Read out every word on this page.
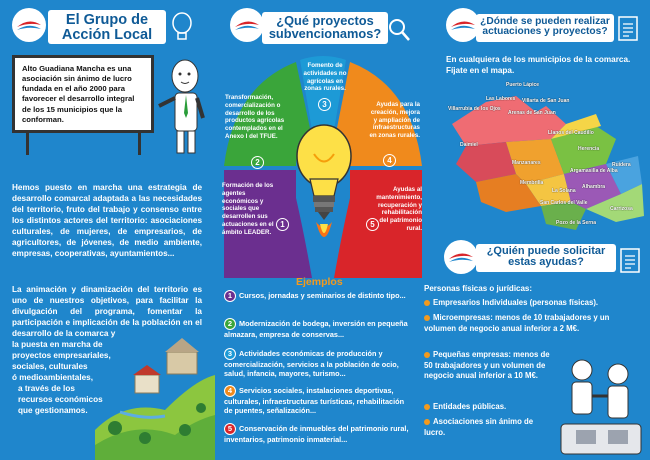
El Grupo de
Acción Local
Alto Guadiana Mancha es una asociación sin ánimo de lucro fundada en el año 2000 para favorecer el desarrollo integral de los 15 municipios que la conforman.
Hemos puesto en marcha una estrategia de desarrollo comarcal adaptada a las necesidades del territorio, fruto del trabajo y consenso entre los distintos actores del territorio: asociaciones culturales, de mujeres, de empresarios, de agricultores, de jóvenes, de medio ambiente, empresas, cooperativas, ayuntamientos...
La animación y dinamización del territorio es uno de nuestros objetivos, para facilitar la divulgación del programa, fomentar la participación e implicación de la población en el desarrollo de la comarca y
la puesta en marcha de
proyectos empresariales,
sociales, culturales
ó medioambientales,
a través de los
recursos económicos
que gestionamos.
¿Qué proyectos
subvencionamos?
Formación de los agentes económicos y sociales que desarrollen sus actuaciones en el ámbito LEADER.
1
Transformación, comercialización o desarrollo de los productos agrícolas contemplados en el Anexo I del TFUE.
2
Fomento de actividades no agrícolas en zonas rurales.
3	Ayudas para la creación, mejora y ampliación de infraestructuras en zonas rurales.
4
Ayudas al mantenimiento, recuperación y rehabilitación del patrimonio rural.
5
Ejemplos
1 Cursos, jornadas y seminarios de distinto tipo...
2 Modernización de bodega, inversión en pequeña almazara, empresa de conservas...
3 Actividades económicas de producción y comercialización, servicios a la población de ocio, salud, infancia, mayores, turismo...
4 Servicios sociales, instalaciones deportivas, culturales, infraestructuras turísticas, rehabilitación de puentes, señalización...
5 Conservación de inmuebles del patrimonio rural, inventarios, patrimonio inmaterial...
¿Dónde se pueden realizar
actuaciones y proyectos?
En cualquiera de los municipios de la comarca. Fíjate en el mapa.
Puerto Lápice
Las Labores
Villarrubia de los Ojos
Villarta de San Juan
Arenas de San Juan
Llanos del Caudillo
Herencia
Daimiel
Manzanares
Argamasilla de Alba
Alhambra
Membrilla
La Solana
San Carlos del Valle
Ruidera
Pozo de la Serna
Carrizosa
¿Quién puede solicitar
estas ayudas?
Personas físicas o jurídicas:
Empresarios Individuales (personas físicas).
Microempresas: menos de 10 trabajadores y un volumen de negocio anual inferior a 2 M€.
Pequeñas empresas: menos de 50 trabajadores y un volumen de negocio anual inferior a 10 M€.
Entidades públicas.
Asociaciones sin ánimo de lucro.
